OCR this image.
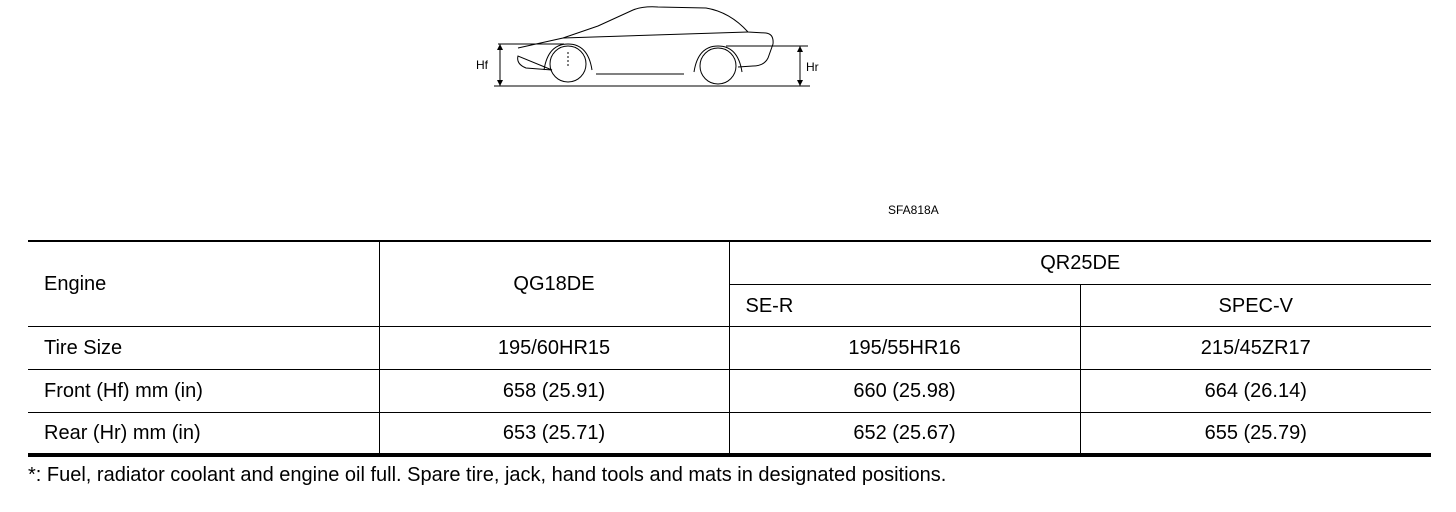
Hf	Hr
SFA818A
Engine	QG18DE	QR25DE	
		SE-R	SPEC-V
Tire Size	195/60HR15	195/55HR16	215/45ZR17
Front (Hf) mm (in)	658 (25.91)	660 (25.98)	664 (26.14)
Rear (Hr) mm (in)	653 (25.71)	652 (25.67)	655 (25.79)
*: Fuel, radiator coolant and engine oil full. Spare tire, jack, hand tools and mats in designated positions.
